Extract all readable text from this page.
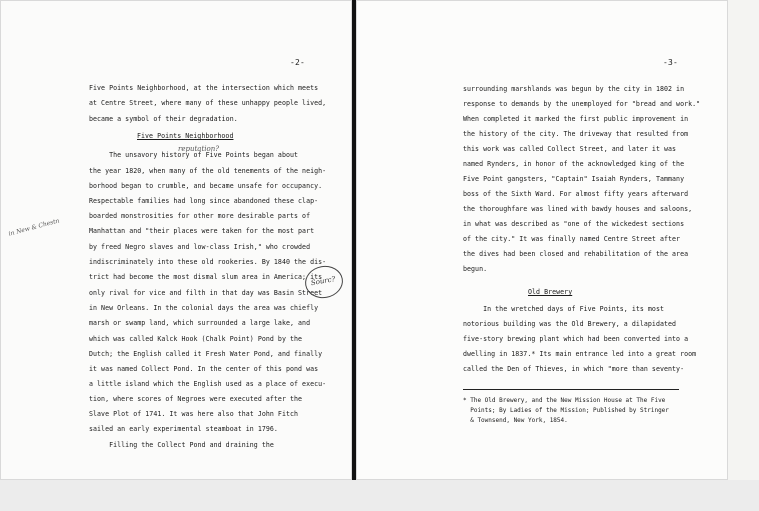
-2-
Five Points Neighborhood, at the intersection which meets
at Centre Street, where many of these unhappy people lived,
became a symbol of their degradation.
Five Points Neighborhood
reputation?
The unsavory history of Five Points began about
the year 1820, when many of the old tenements of the neigh-
borhood began to crumble, and became unsafe for occupancy.
Respectable families had long since abandoned these clap-
boarded monstrosities for other more desirable parts of
Manhattan and "their places were taken for the most part
by freed Negro slaves and low-class Irish," who crowded
indiscriminately into these old rookeries. By 1840 the dis-
trict had become the most dismal slum area in America; its
only rival for vice and filth in that day was Basin Street
in New Orleans. In the colonial days the area was chiefly
marsh or swamp land, which surrounded a large lake, and
which was called Kalck Hook (Chalk Point) Pond by the
Dutch; the English called it Fresh Water Pond, and finally
it was named Collect Pond. In the center of this pond was
a little island which the English used as a place of execu-
tion, where scores of Negroes were executed after the
Slave Plot of 1741. It was here also that John Fitch
sailed an early experimental steamboat in 1796.
Filling the Collect Pond and draining the
in New & Chestn
Sourc?
-3-
surrounding marshlands was begun by the city in 1802 in
response to demands by the unemployed for "bread and work."
When completed it marked the first public improvement in
the history of the city. The driveway that resulted from
this work was called Collect Street, and later it was
named Rynders, in honor of the acknowledged king of the
Five Point gangsters, "Captain" Isaiah Rynders, Tammany
boss of the Sixth Ward. For almost fifty years afterward
the thoroughfare was lined with bawdy houses and saloons,
in what was described as "one of the wickedest sections
of the city." It was finally named Centre Street after
the dives had been closed and rehabilitation of the area
begun.
Old Brewery
In the wretched days of Five Points, its most
notorious building was the Old Brewery, a dilapidated
five-story brewing plant which had been converted into a
dwelling in 1837.* Its main entrance led into a great room
called the Den of Thieves, in which "more than seventy-
* The Old Brewery, and the New Mission House at The Five
Points; By Ladies of the Mission; Published by Stringer
& Townsend, New York, 1854.
